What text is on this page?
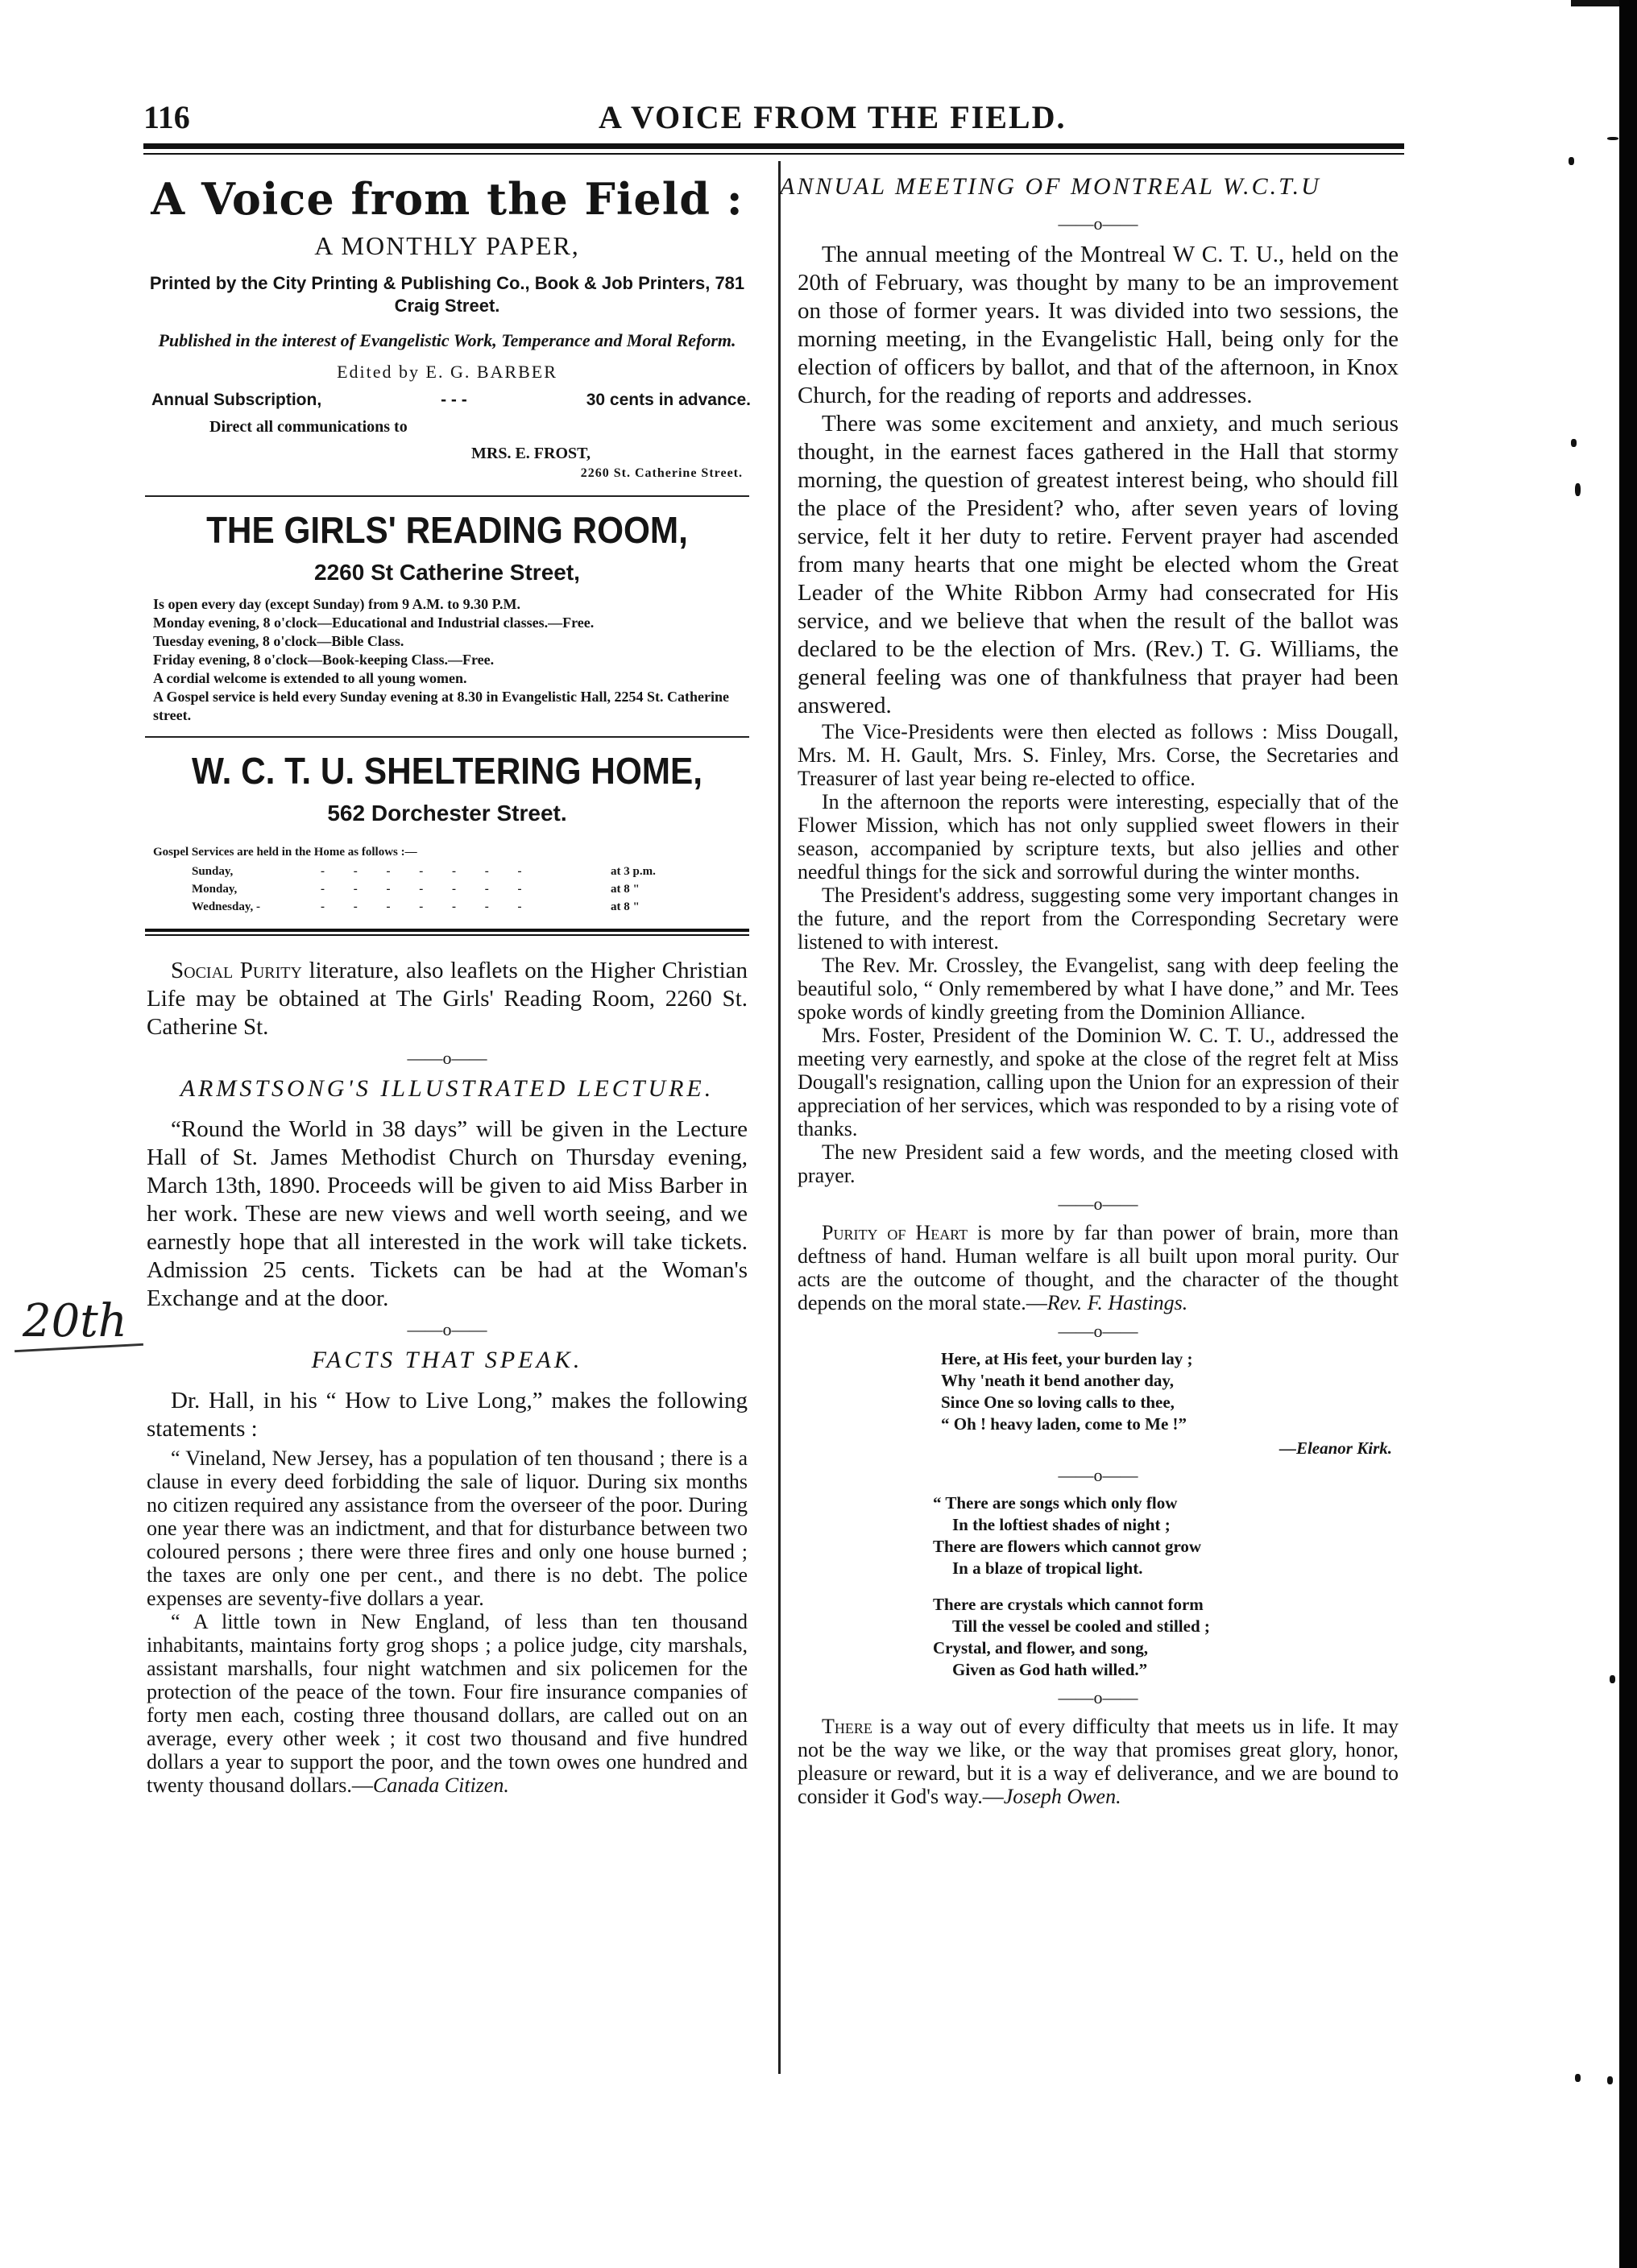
116	A VOICE FROM THE FIELD.
20th
A Voice from the Field :
A MONTHLY PAPER,
Printed by the City Printing & Publishing Co., Book & Job Printers, 781 Craig Street.
Published in the interest of Evangelistic Work, Temperance and Moral Reform.
Edited by E. G. BARBER
Annual Subscription,	- - -	30 cents in advance.
Direct all communications to
MRS. E. FROST,
2260 St. Catherine Street.
THE GIRLS' READING ROOM,
2260 St Catherine Street,
Is open every day (except Sunday) from 9 A.M. to 9.30 P.M.
Monday evening, 8 o'clock—Educational and Industrial classes.—Free.
Tuesday evening, 8 o'clock—Bible Class.
Friday evening, 8 o'clock—Book-keeping Class.—Free.
A cordial welcome is extended to all young women.
A Gospel service is held every Sunday evening at 8.30 in Evangelistic Hall, 2254 St. Catherine street.
W. C. T. U. SHELTERING HOME,
562 Dorchester Street.
Gospel Services are held in the Home as follows :—
Sunday,	- - - - - - -	at 3 p.m.
Monday,	- - - - - - -	at 8 "
Wednesday, -	- - - - - - -	at 8 "
Social Purity literature, also leaflets on the Higher Christian Life may be obtained at The Girls' Reading Room, 2260 St. Catherine St.
——o——
ARMSTSONG'S ILLUSTRATED LECTURE.
“Round the World in 38 days” will be given in the Lecture Hall of St. James Methodist Church on Thursday evening, March 13th, 1890. Proceeds will be given to aid Miss Barber in her work. These are new views and well worth seeing, and we earnestly hope that all interested in the work will take tickets. Admission 25 cents. Tickets can be had at the Woman's Exchange and at the door.
——o——
FACTS THAT SPEAK.
Dr. Hall, in his “ How to Live Long,” makes the following statements :
“ Vineland, New Jersey, has a population of ten thousand ; there is a clause in every deed forbidding the sale of liquor. During six months no citizen required any assistance from the overseer of the poor. During one year there was an indictment, and that for disturbance between two coloured persons ; there were three fires and only one house burned ; the taxes are only one per cent., and there is no debt. The police expenses are seventy-five dollars a year.
“ A little town in New England, of less than ten thousand inhabitants, maintains forty grog shops ; a police judge, city marshals, assistant marshalls, four night watchmen and six policemen for the protection of the peace of the town. Four fire insurance companies of forty men each, costing three thousand dollars, are called out on an average, every other week ; it cost two thousand and five hundred dollars a year to support the poor, and the town owes one hundred and twenty thousand dollars.—Canada Citizen.
ANNUAL MEETING OF MONTREAL W.C.T.U
——o——
The annual meeting of the Montreal W C. T. U., held on the 20th of February, was thought by many to be an improvement on those of former years. It was divided into two sessions, the morning meeting, in the Evangelistic Hall, being only for the election of officers by ballot, and that of the afternoon, in Knox Church, for the reading of reports and addresses.
There was some excitement and anxiety, and much serious thought, in the earnest faces gathered in the Hall that stormy morning, the question of greatest interest being, who should fill the place of the President? who, after seven years of loving service, felt it her duty to retire. Fervent prayer had ascended from many hearts that one might be elected whom the Great Leader of the White Ribbon Army had consecrated for His service, and we believe that when the result of the ballot was declared to be the election of Mrs. (Rev.) T. G. Williams, the general feeling was one of thankfulness that prayer had been answered.
The Vice-Presidents were then elected as follows : Miss Dougall, Mrs. M. H. Gault, Mrs. S. Finley, Mrs. Corse, the Secretaries and Treasurer of last year being re-elected to office.
In the afternoon the reports were interesting, especially that of the Flower Mission, which has not only supplied sweet flowers in their season, accompanied by scripture texts, but also jellies and other needful things for the sick and sorrowful during the winter months.
The President's address, suggesting some very important changes in the future, and the report from the Corresponding Secretary were listened to with interest.
The Rev. Mr. Crossley, the Evangelist, sang with deep feeling the beautiful solo, “ Only remembered by what I have done,” and Mr. Tees spoke words of kindly greeting from the Dominion Alliance.
Mrs. Foster, President of the Dominion W. C. T. U., addressed the meeting very earnestly, and spoke at the close of the regret felt at Miss Dougall's resignation, calling upon the Union for an expression of their appreciation of her services, which was responded to by a rising vote of thanks.
The new President said a few words, and the meeting closed with prayer.
——o——
Purity of Heart is more by far than power of brain, more than deftness of hand. Human welfare is all built upon moral purity. Our acts are the outcome of thought, and the character of the thought depends on the moral state.—Rev. F. Hastings.
——o——
Here, at His feet, your burden lay ;
Why 'neath it bend another day,
Since One so loving calls to thee,
“ Oh ! heavy laden, come to Me !”
—Eleanor Kirk.
——o——
“ There are songs which only flow
In the loftiest shades of night ;
There are flowers which cannot grow
In a blaze of tropical light.
There are crystals which cannot form
Till the vessel be cooled and stilled ;
Crystal, and flower, and song,
Given as God hath willed.”
——o——
There is a way out of every difficulty that meets us in life. It may not be the way we like, or the way that promises great glory, honor, pleasure or reward, but it is a way ef deliverance, and we are bound to consider it God's way.—Joseph Owen.
